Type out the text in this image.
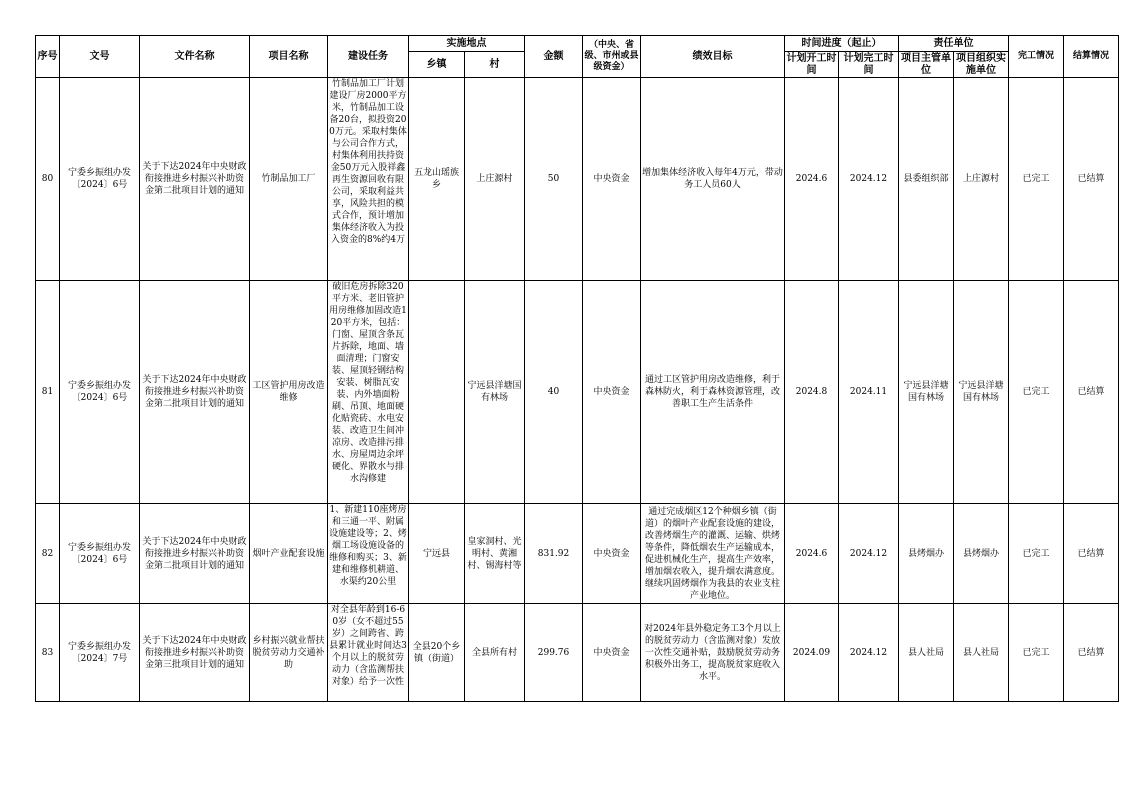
序号	文号	文件名称	项目名称	建设任务	实施地点		金额	（中央、省级、市州或县级资金）	绩效目标	时间进度（起止）		责任单位		完工情况	结算情况
					乡镇	村				计划开工时间	计划完工时间	项目主管单位	项目组织实施单位		
80	宁委乡振组办发〔2024〕6号	关于下达2024年中央财政衔接推进乡村振兴补助资金第二批项目计划的通知	竹制品加工厂	竹制品加工厂计划建设厂房2000平方米，竹制品加工设备20台，拟投资200万元。采取村集体与公司合作方式，村集体利用扶持资金50万元入股祥鑫再生资源回收有限公司，采取利益共享，风险共担的模式合作，预计增加集体经济收入为投入资金的8%约4万	五龙山瑶族乡	上庄源村	50	中央资金	增加集体经济收入每年4万元，带动务工人员60人	2024.6	2024.12	县委组织部	上庄源村	已完工	已结算
81	宁委乡振组办发〔2024〕6号	关于下达2024年中央财政衔接推进乡村振兴补助资金第二批项目计划的通知	工区管护用房改造维修	破旧危房拆除320平方米、老旧管护用房维修加固改造120平方米，包括：门窗、屋顶含条瓦片拆除，地面、墙面清理；门窗安装、屋顶轻钢结构安装、树脂瓦安装、内外墙面粉刷、吊顶、地面硬化贴瓷砖、水电安装、改造卫生间冲凉房、改造排污排水、房屋周边余坪硬化、界散水与排水沟修建		宁远县洋塘国有林场	40	中央资金	通过工区管护用房改造维修，利于森林防火，利于森林资源管理，改善职工生产生活条件	2024.8	2024.11	宁远县洋塘国有林场	宁远县洋塘国有林场	已完工	已结算
82	宁委乡振组办发〔2024〕6号	关于下达2024年中央财政衔接推进乡村振兴补助资金第二批项目计划的通知	烟叶产业配套设施	1、新建110座烤房和三通一平、附属设施建设等；2、烤烟工场设施设备的维修和购买；3、新建和维修机耕道、水渠约20公里	宁远县	皇家洞村、光明村、黄湘村、锡海村等	831.92	中央资金	通过完成烟区12个种烟乡镇（街道）的烟叶产业配套设施的建设，改善烤烟生产的灌溉、运输、烘烤等条件，降低烟农生产运输成本，促进机械化生产，提高生产效率，增加烟农收入，提升烟农满意度。继续巩固烤烟作为我县的农业支柱产业地位。	2024.6	2024.12	县烤烟办	县烤烟办	已完工	已结算
83	宁委乡振组办发〔2024〕7号	关于下达2024年中央财政衔接推进乡村振兴补助资金第三批项目计划的通知	乡村振兴就业帮扶脱贫劳动力交通补助	对全县年龄到16-60岁（女不超过55岁）之间跨省、跨县累计就业时间达3个月以上的脱贫劳动力（含监测帮扶对象）给予一次性	全县20个乡镇（街道）	全县所有村	299.76	中央资金	对2024年县外稳定务工3个月以上的脱贫劳动力（含监测对象）发放一次性交通补贴，鼓励脱贫劳动务积极外出务工，提高脱贫家庭收入水平。	2024.09	2024.12	县人社局	县人社局	已完工	已结算
